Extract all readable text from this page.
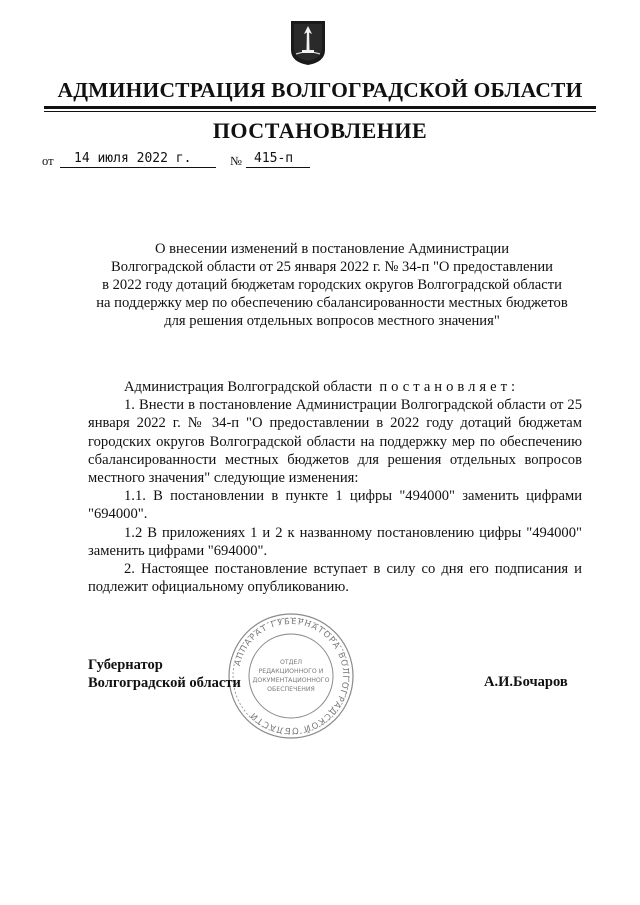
АДМИНИСТРАЦИЯ ВОЛГОГРАДСКОЙ ОБЛАСТИ
ПОСТАНОВЛЕНИЕ
от	14 июля 2022 г.	№ 415-п
О внесении изменений в постановление Администрации
Волгоградской области от 25 января 2022 г. № 34-п "О предоставлении
в 2022 году дотаций бюджетам городских округов Волгоградской области
на поддержку мер по обеспечению сбалансированности местных бюджетов
для решения отдельных вопросов местного значения"

Администрация Волгоградской области постановляет:

1. Внести в постановление Администрации Волгоградской области от 25 января 2022 г. № 34-п "О предоставлении в 2022 году дотаций бюджетам городских округов Волгоградской области на поддержку мер по обеспечению сбалансированности местных бюджетов для решения отдельных вопросов местного значения" следующие изменения:

1.1. В постановлении в пункте 1 цифры "494000" заменить цифрами "694000".

1.2 В приложениях 1 и 2 к названному постановлению цифры "494000" заменить цифрами "694000".

2. Настоящее постановление вступает в силу со дня его подписания и подлежит официальному опубликованию.

АППАРАТ ГУБЕРНАТОРА ВОЛГОГРАДСКОЙ ОБЛАСТИ
ОТДЕЛ
РЕДАКЦИОННОГО И
ДОКУМЕНТАЦИОННОГО
ОБЕСПЕЧЕНИЯ
Губернатор
Волгоградской области	А.И.Бочаров
